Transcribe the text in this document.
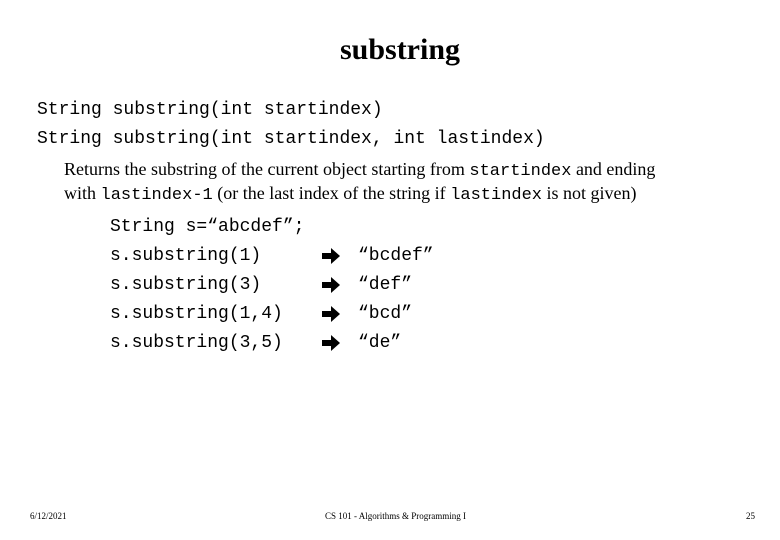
substring
String substring(int startindex)
String substring(int startindex, int lastindex)
Returns the substring of the current object starting from startindex and ending
with lastindex-1 (or the last index of the string if lastindex is not given)
String s=“abcdef”;
s.substring(1)	“bcdef”
s.substring(3)	“def”
s.substring(1,4)	“bcd”
s.substring(3,5)	“de”
6/12/2021	CS 101 - Algorithms & Programming I	25
